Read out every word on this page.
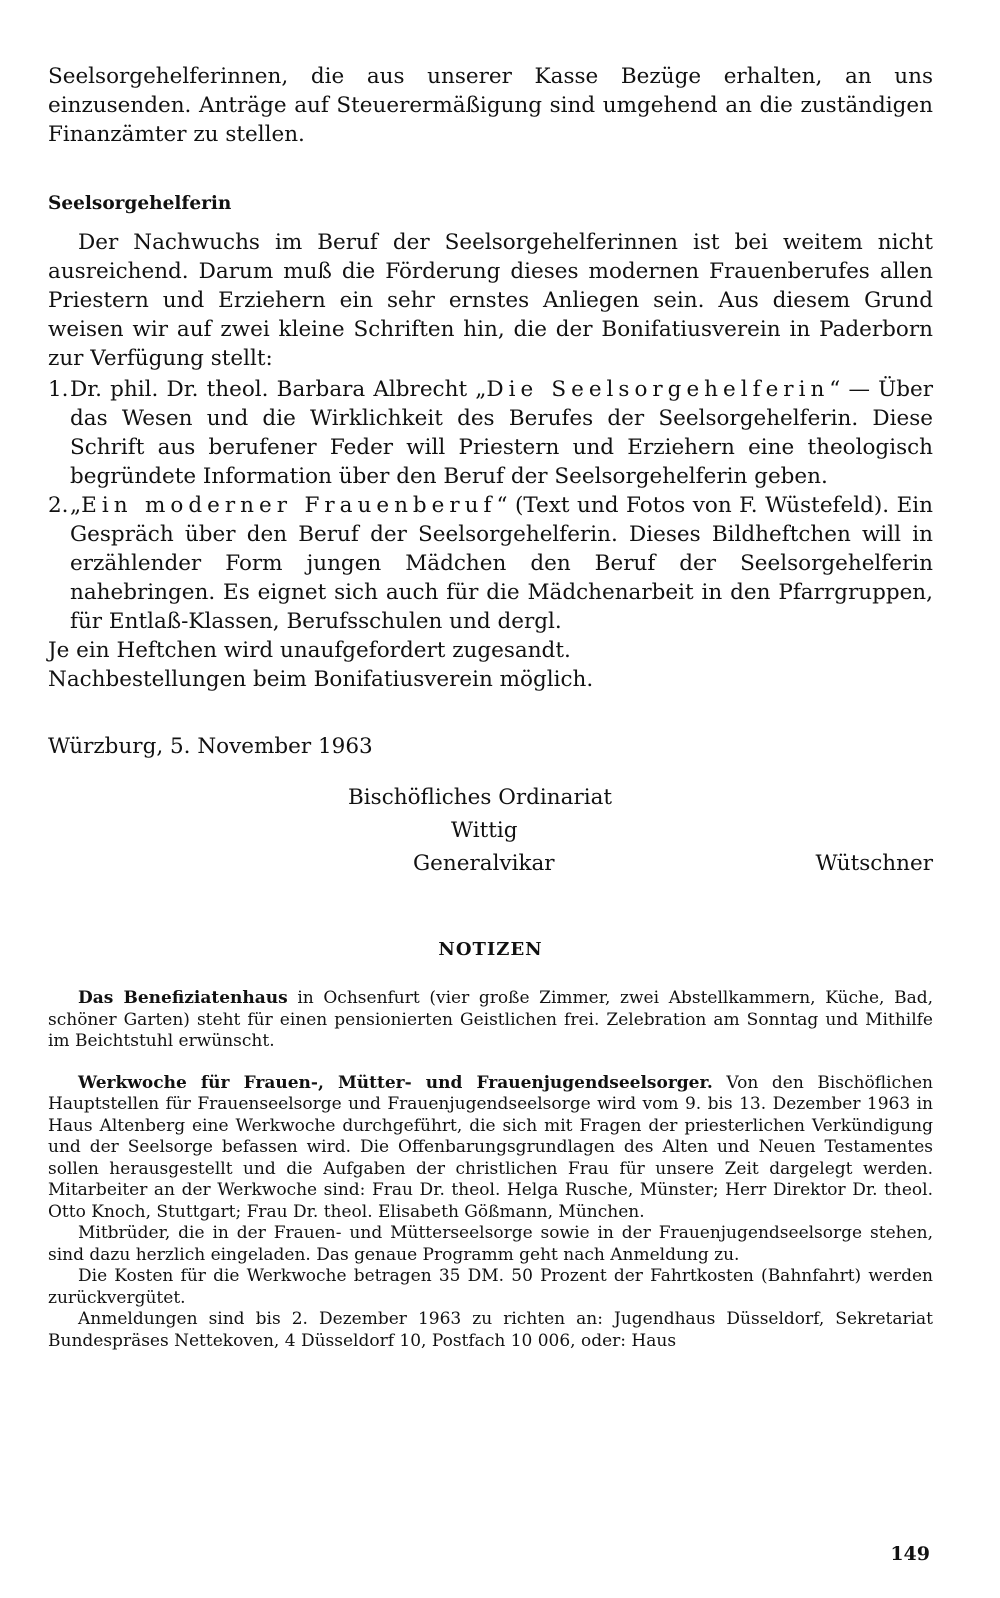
Seelsorgehelferinnen, die aus unserer Kasse Bezüge erhalten, an uns einzusenden. Anträge auf Steuerermäßigung sind umgehend an die zuständigen Finanzämter zu stellen.

Seelsorgehelferin

Der Nachwuchs im Beruf der Seelsorgehelferinnen ist bei weitem nicht ausreichend. Darum muß die Förderung dieses modernen Frauenberufes allen Priestern und Erziehern ein sehr ernstes Anliegen sein. Aus diesem Grund weisen wir auf zwei kleine Schriften hin, die der Bonifatiusverein in Paderborn zur Verfügung stellt:

1. Dr. phil. Dr. theol. Barbara Albrecht „Die Seelsorgehelferin“ — Über das Wesen und die Wirklichkeit des Berufes der Seelsorgehelferin. Diese Schrift aus berufener Feder will Priestern und Erziehern eine theologisch begründete Information über den Beruf der Seelsorgehelferin geben.
2. „Ein moderner Frauenberuf“ (Text und Fotos von F. Wüstefeld). Ein Gespräch über den Beruf der Seelsorgehelferin. Dieses Bildheftchen will in erzählender Form jungen Mädchen den Beruf der Seelsorgehelferin nahebringen. Es eignet sich auch für die Mädchenarbeit in den Pfarrgruppen, für Entlaß-Klassen, Berufsschulen und dergl.

Je ein Heftchen wird unaufgefordert zugesandt.

Nachbestellungen beim Bonifatiusverein möglich.

Würzburg, 5. November 1963
Bischöfliches Ordinariat
Wittig
Generalvikar	Wütschner
NOTIZEN

Das Benefiziatenhaus in Ochsenfurt (vier große Zimmer, zwei Abstellkammern, Küche, Bad, schöner Garten) steht für einen pensionierten Geistlichen frei. Zelebration am Sonntag und Mithilfe im Beichtstuhl erwünscht.

Werkwoche für Frauen-, Mütter- und Frauenjugendseelsorger. Von den Bischöflichen Hauptstellen für Frauenseelsorge und Frauenjugendseelsorge wird vom 9. bis 13. Dezember 1963 in Haus Altenberg eine Werkwoche durchgeführt, die sich mit Fragen der priesterlichen Verkündigung und der Seelsorge befassen wird. Die Offenbarungsgrundlagen des Alten und Neuen Testamentes sollen herausgestellt und die Aufgaben der christlichen Frau für unsere Zeit dargelegt werden. Mitarbeiter an der Werkwoche sind: Frau Dr. theol. Helga Rusche, Münster; Herr Direktor Dr. theol. Otto Knoch, Stuttgart; Frau Dr. theol. Elisabeth Gößmann, München.

Mitbrüder, die in der Frauen- und Mütterseelsorge sowie in der Frauenjugendseelsorge stehen, sind dazu herzlich eingeladen. Das genaue Programm geht nach Anmeldung zu.

Die Kosten für die Werkwoche betragen 35 DM. 50 Prozent der Fahrtkosten (Bahnfahrt) werden zurückvergütet.

Anmeldungen sind bis 2. Dezember 1963 zu richten an: Jugendhaus Düsseldorf, Sekretariat Bundespräses Nettekoven, 4 Düsseldorf 10, Postfach 10 006, oder: Haus

149
